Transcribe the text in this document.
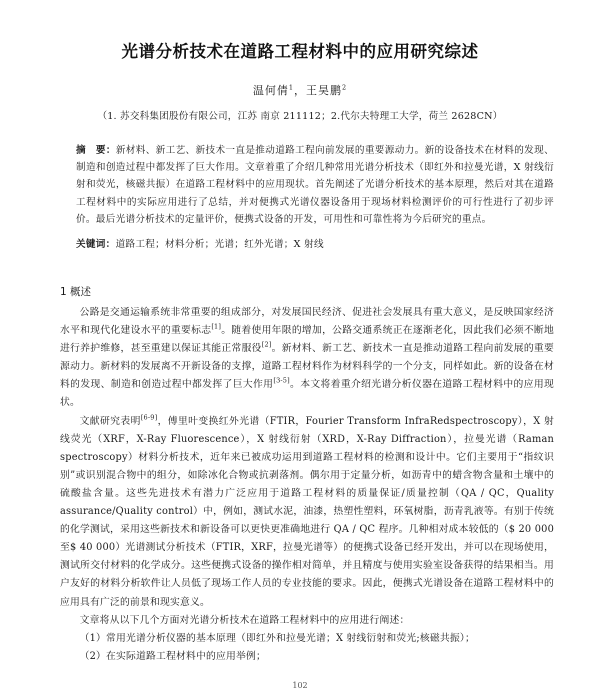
光谱分析技术在道路工程材料中的应用研究综述
温何倩$^1$，王昊鹏$^2$
（1. 苏交科集团股份有限公司，江苏 南京 211112；2.代尔夫特理工大学，荷兰 2628CN）
摘　要：新材料、新工艺、新技术一直是推动道路工程向前发展的重要源动力。新的设备技术在材料的发现、制造和创造过程中都发挥了巨大作用。文章着重了介绍几种常用光谱分析技术（即红外和拉曼光谱，X 射线衍射和荧光，核磁共振）在道路工程材料中的应用现状。首先阐述了光谱分析技术的基本原理，然后对其在道路工程材料中的实际应用进行了总结，并对便携式光谱仪器设备用于现场材料检测评价的可行性进行了初步评价。最后光谱分析技术的定量评价，便携式设备的开发，可用性和可靠性将为今后研究的重点。
关键词：道路工程；材料分析；光谱；红外光谱；X 射线
1 概述

公路是交通运输系统非常重要的组成部分，对发展国民经济、促进社会发展具有重大意义，是反映国家经济水平和现代化建设水平的重要标志[1]。随着使用年限的增加，公路交通系统正在逐渐老化，因此我们必须不断地进行养护维修，甚至重建以保证其能正常服役[2]。新材料、新工艺、新技术一直是推动道路工程向前发展的重要源动力。新材料的发展离不开新设备的支撑，道路工程材料作为材料科学的一个分支，同样如此。新的设备在材料的发现、制造和创造过程中都发挥了巨大作用[3-5]。本文将着重介绍光谱分析仪器在道路工程材料中的应用现状。

文献研究表明[6-9]，傅里叶变换红外光谱（FTIR，Fourier Transform InfraRedspectroscopy），X 射线荧光（XRF，X-Ray Fluorescence），X 射线衍射（XRD，X-Ray Diffraction），拉曼光谱（Raman spectroscopy）材料分析技术，近年来已被成功运用到道路工程材料的检测和设计中。它们主要用于“指纹识别”或识别混合物中的组分，如除冰化合物或抗剥落剂。偶尔用于定量分析，如沥青中的蜡含物含量和土壤中的硫酸盐含量。这些先进技术有潜力广泛应用于道路工程材料的质量保证/质量控制（QA / QC，Quality assurance/Quality control）中，例如，测试水泥，油漆，热塑性塑料，环氧树脂，沥青乳液等。有别于传统的化学测试，采用这些新技术和新设备可以更快更准确地进行 QA / QC 程序。几种相对成本较低的（$ 20 000 至$ 40 000）光谱测试分析技术（FTIR，XRF，拉曼光谱等）的便携式设备已经开发出，并可以在现场使用，测试所交付材料的化学成分。这些便携式设备的操作相对简单，并且精度与使用实验室设备获得的结果相当。用户友好的材料分析软件让人员低了现场工作人员的专业技能的要求。因此，便携式光谱设备在道路工程材料中的应用具有广泛的前景和现实意义。

文章将从以下几个方面对光谱分析技术在道路工程材料中的应用进行阐述：

（1）常用光谱分析仪器的基本原理（即红外和拉曼光谱；X 射线衍射和荧光;核磁共振）；

（2）在实际道路工程材料中的应用举例；

102
